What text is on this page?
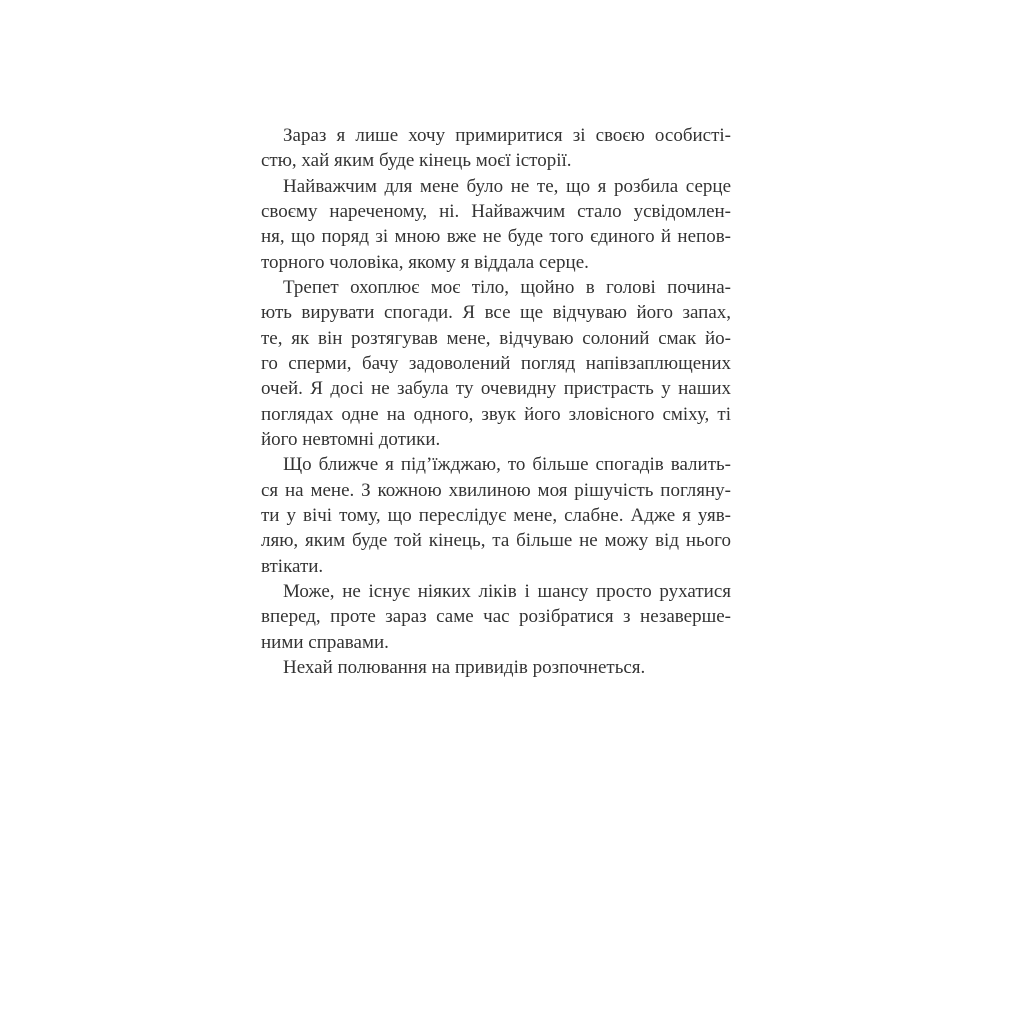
Зараз я лише хочу примиритися зі своєю особисті-
стю, хай яким буде кінець моєї історії.

Найважчим для мене було не те, що я розбила серце
своєму нареченому, ні. Найважчим стало усвідомлен-
ня, що поряд зі мною вже не буде того єдиного й непов-
торного чоловіка, якому я віддала серце.

Трепет охоплює моє тіло, щойно в голові почина-
ють вирувати спогади. Я все ще відчуваю його запах,
те, як він розтягував мене, відчуваю солоний смак йо-
го сперми, бачу задоволений погляд напівзаплющених
очей. Я досі не забула ту очевидну пристрасть у наших
поглядах одне на одного, звук його зловісного сміху, ті
його невтомні дотики.

Що ближче я під’їжджаю, то більше спогадів валить-
ся на мене. З кожною хвилиною моя рішучість погляну-
ти у вічі тому, що переслідує мене, слабне. Адже я уяв-
ляю, яким буде той кінець, та більше не можу від нього
втікати.

Може, не існує ніяких ліків і шансу просто рухатися
вперед, проте зараз саме час розібратися з незаверше-
ними справами.

Нехай полювання на привидів розпочнеться.
